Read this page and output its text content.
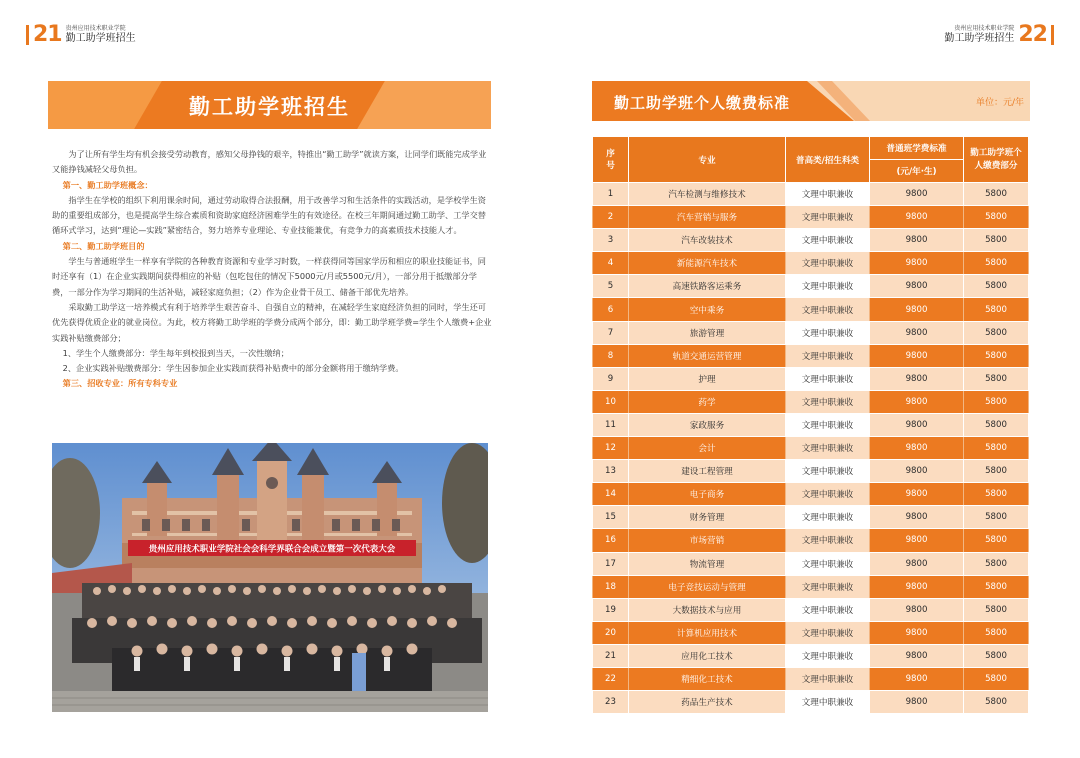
21 贵州应用技术职业学院
勤工助学班招生
贵州应用技术职业学院
勤工助学班招生 22
勤工助学班招生

为了让所有学生均有机会接受劳动教育，感知父母挣钱的艰辛，特推出“勤工助学”就读方案，让同学们既能完成学业又能挣钱减轻父母负担。

第一、勤工助学班概念：

指学生在学校的组织下利用课余时间，通过劳动取得合法报酬，用于改善学习和生活条件的实践活动，是学校学生资助的重要组成部分，也是提高学生综合素质和资助家庭经济困难学生的有效途径。在校三年期间通过勤工助学、工学交替循环式学习，达到“理论—实践”紧密结合，努力培养专业理论、专业技能兼优，有竞争力的高素质技术技能人才。

第二、勤工助学班目的

学生与普通班学生一样享有学院的各种教育资源和专业学习时数，一样获得同等国家学历和相应的职业技能证书，同时还享有（1）在企业实践期间获得相应的补贴（包吃包住的情况下5000元/月或5500元/月），一部分用于抵缴部分学费，一部分作为学习期间的生活补贴，减轻家庭负担；（2）作为企业骨干员工、储备干部优先培养。

采取勤工助学这一培养模式有利于培养学生艰苦奋斗、自强自立的精神，在减轻学生家庭经济负担的同时，学生还可优先获得优质企业的就业岗位。为此，校方将勤工助学班的学费分成两个部分，即：勤工助学班学费=学生个人缴费+企业实践补贴缴费部分；

1、学生个人缴费部分：学生每年到校报到当天，一次性缴纳；

2、企业实践补贴缴费部分：学生因参加企业实践而获得补贴费中的部分金额将用于缴纳学费。

第三、招收专业：所有专科专业

贵州应用技术职业学院社会会科学界联合会成立暨第一次代表大会
勤工助学班个人缴费标准	单位：元/年
序号	专业	普高类/招生科类	普通班学费标准	勤工助学班个人缴费部分
			(元/年·生)	
1	汽车检测与维修技术	文理中职兼收	9800	5800
2	汽车营销与服务	文理中职兼收	9800	5800
3	汽车改装技术	文理中职兼收	9800	5800
4	新能源汽车技术	文理中职兼收	9800	5800
5	高速铁路客运乘务	文理中职兼收	9800	5800
6	空中乘务	文理中职兼收	9800	5800
7	旅游管理	文理中职兼收	9800	5800
8	轨道交通运营管理	文理中职兼收	9800	5800
9	护理	文理中职兼收	9800	5800
10	药学	文理中职兼收	9800	5800
11	家政服务	文理中职兼收	9800	5800
12	会计	文理中职兼收	9800	5800
13	建设工程管理	文理中职兼收	9800	5800
14	电子商务	文理中职兼收	9800	5800
15	财务管理	文理中职兼收	9800	5800
16	市场营销	文理中职兼收	9800	5800
17	物流管理	文理中职兼收	9800	5800
18	电子竞技运动与管理	文理中职兼收	9800	5800
19	大数据技术与应用	文理中职兼收	9800	5800
20	计算机应用技术	文理中职兼收	9800	5800
21	应用化工技术	文理中职兼收	9800	5800
22	精细化工技术	文理中职兼收	9800	5800
23	药品生产技术	文理中职兼收	9800	5800
